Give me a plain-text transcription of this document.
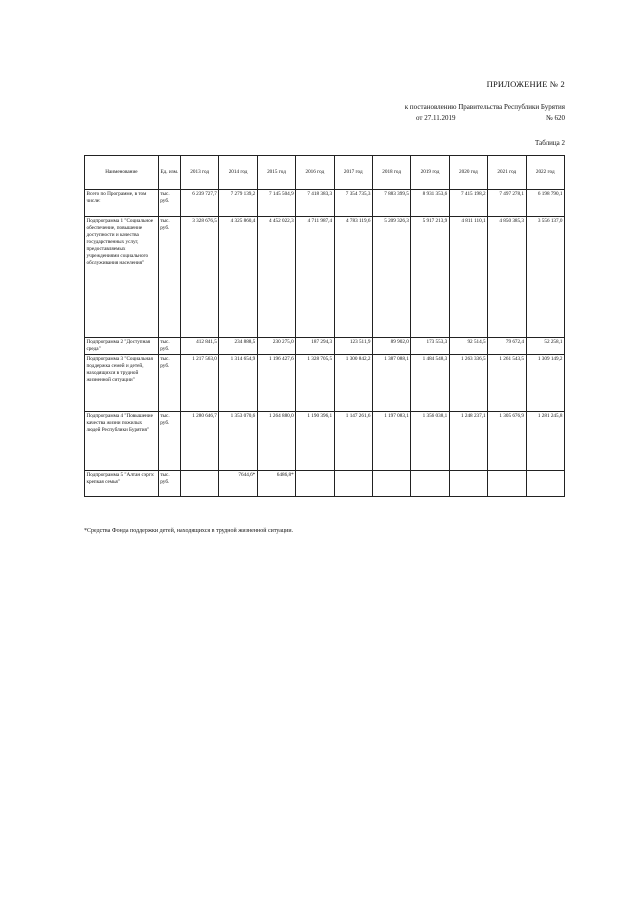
ПРИЛОЖЕНИЕ № 2
к постановлению Правительства Республики Бурятия
от 27.11.2019	№ 620
Таблица 2
Наименование	Ед. изм.	2013 год	2014 год	2015 год	2016 год	2017 год	2018 год	2019 год	2020 год	2021 год	2022 год
Всего по Программе, в том числе:	тыс. руб.	6 239 727,7	7 279 139,2	7 145 504,9	7 418 383,3	7 354 735,3	7 883 399,5	8 931 353,6	7 415 198,2	7 497 278,1	6 198 790,1
Подпрограмма 1 "Социальное обеспечение, повышение доступности и качества государственных услуг, предоставляемых учреждениями социального обслуживания населения"	тыс. руб.	3 328 676,5	4 325 860,4	4 452 022,3	4 711 987,4	4 783 119,6	5 209 326,3	5 917 213,9	4 811 110,1	4 850 385,3	3 556 137,0
Подпрограмма 2 "Доступная среда"	тыс. руб.	412 841,5	234 888,5	230 275,0	187 294,3	123 511,9	89 902,0	173 553,3	92 514,5	79 672,4	52 258,1
Подпрограмма 3 "Социальная поддержка семей и детей, находящихся в трудной жизненной ситуации"	тыс. руб.	1 217 563,0	1 314 654,9	1 196 427,6	1 328 705,5	1 300 842,2	1 387 088,1	1 484 548,3	1 263 336,5	1 261 543,5	1 309 149,2
Подпрограмма 4 "Повышение качества жизни пожилых людей Республики Бурятия"	тыс. руб.	1 280 646,7	1 353 070,6	1 264 880,0	1 190 396,1	1 147 261,6	1 197 083,1	1 356 038,1	1 248 237,1	1 305 676,9	1 281 245,8
Подпрограмма 5 "Алтан сэргэ: крепкая семья"	тыс. руб.		7644,6*	6486,8*							
*Средства Фонда поддержки детей, находящихся в трудной жизненной ситуации.
